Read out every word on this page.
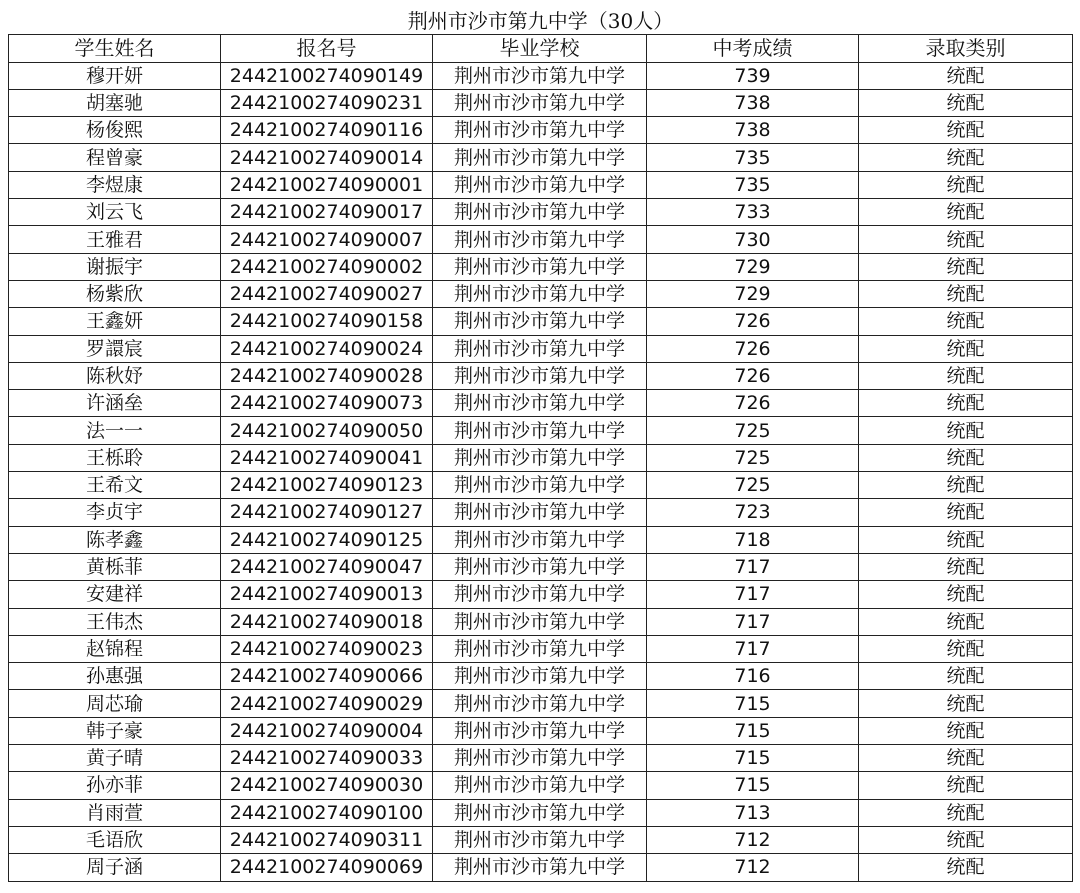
荆州市沙市第九中学（30人）				
学生姓名	报名号	毕业学校	中考成绩	录取类别
穆开妍	2442100274090149	荆州市沙市第九中学	739	统配
胡塞驰	2442100274090231	荆州市沙市第九中学	738	统配
杨俊熙	2442100274090116	荆州市沙市第九中学	738	统配
程曾豪	2442100274090014	荆州市沙市第九中学	735	统配
李煜康	2442100274090001	荆州市沙市第九中学	735	统配
刘云飞	2442100274090017	荆州市沙市第九中学	733	统配
王雅君	2442100274090007	荆州市沙市第九中学	730	统配
谢振宇	2442100274090002	荆州市沙市第九中学	729	统配
杨紫欣	2442100274090027	荆州市沙市第九中学	729	统配
王鑫妍	2442100274090158	荆州市沙市第九中学	726	统配
罗譞宸	2442100274090024	荆州市沙市第九中学	726	统配
陈秋妤	2442100274090028	荆州市沙市第九中学	726	统配
许涵垒	2442100274090073	荆州市沙市第九中学	726	统配
法一一	2442100274090050	荆州市沙市第九中学	725	统配
王栎聆	2442100274090041	荆州市沙市第九中学	725	统配
王希文	2442100274090123	荆州市沙市第九中学	725	统配
李贞宇	2442100274090127	荆州市沙市第九中学	723	统配
陈孝鑫	2442100274090125	荆州市沙市第九中学	718	统配
黄栎菲	2442100274090047	荆州市沙市第九中学	717	统配
安建祥	2442100274090013	荆州市沙市第九中学	717	统配
王伟杰	2442100274090018	荆州市沙市第九中学	717	统配
赵锦程	2442100274090023	荆州市沙市第九中学	717	统配
孙惠强	2442100274090066	荆州市沙市第九中学	716	统配
周芯瑜	2442100274090029	荆州市沙市第九中学	715	统配
韩子豪	2442100274090004	荆州市沙市第九中学	715	统配
黄子晴	2442100274090033	荆州市沙市第九中学	715	统配
孙亦菲	2442100274090030	荆州市沙市第九中学	715	统配
肖雨萱	2442100274090100	荆州市沙市第九中学	713	统配
毛语欣	2442100274090311	荆州市沙市第九中学	712	统配
周子涵	2442100274090069	荆州市沙市第九中学	712	统配
